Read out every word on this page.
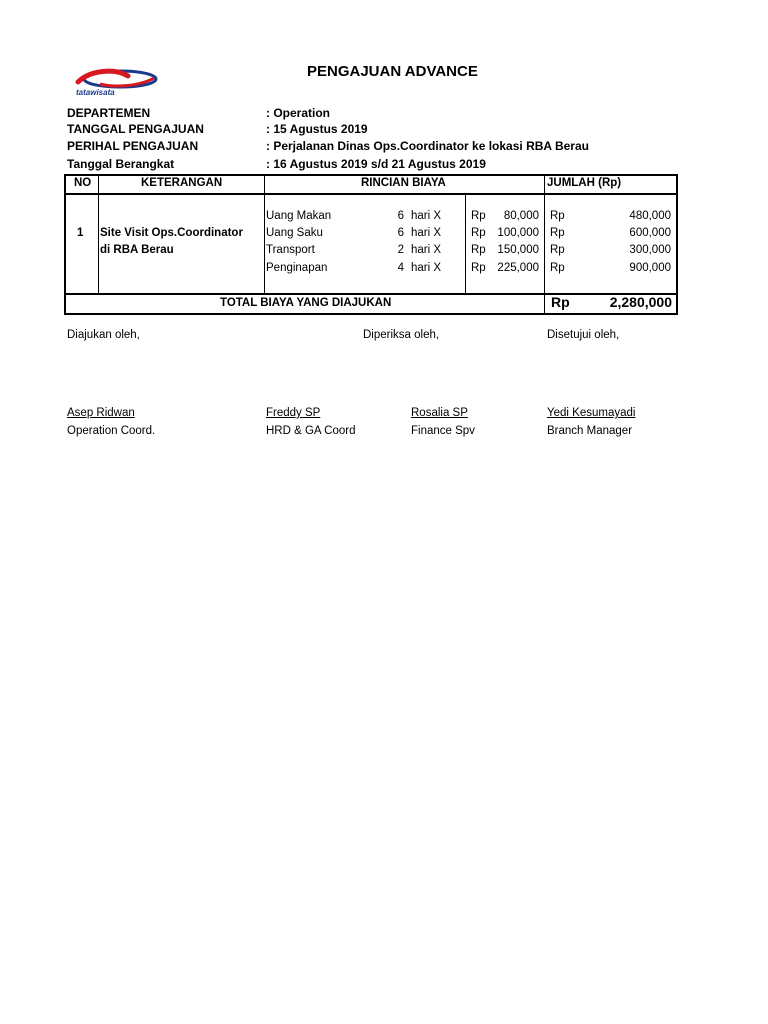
tatawisata
PENGAJUAN ADVANCE
DEPARTEMEN	: Operation
TANGGAL PENGAJUAN	: 15 Agustus 2019
PERIHAL PENGAJUAN	: Perjalanan Dinas Ops.Coordinator ke lokasi RBA Berau
Tanggal Berangkat	: 16 Agustus 2019 s/d 21 Agustus 2019
NO	KETERANGAN	RINCIAN BIAYA	JUMLAH (Rp)
1 Site Visit Ops.Coordinator
di RBA Berau
Uang Makan	6 hari X	Rp	80,000 Rp	480,000
Uang Saku	6 hari X	Rp	100,000 Rp	600,000
Transport	2 hari X	Rp	150,000 Rp	300,000
Penginapan	4 hari X	Rp	225,000 Rp	900,000
TOTAL BIAYA YANG DIAJUKAN	Rp	2,280,000
Diajukan oleh,	Diperiksa oleh,	Disetujui oleh,
Asep Ridwan
Operation Coord.
Freddy SP
HRD & GA Coord
Rosalia SP
Finance Spv
Yedi Kesumayadi
Branch Manager
